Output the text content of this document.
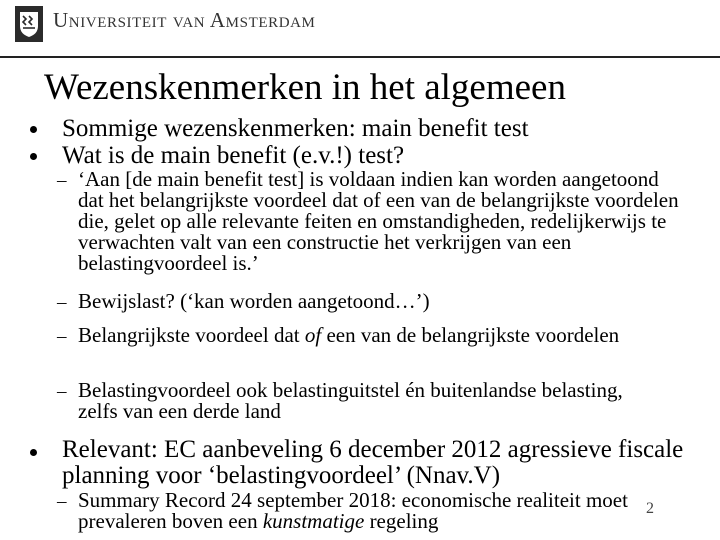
Universiteit van Amsterdam
Wezenskenmerken in het algemeen
Sommige wezenskenmerken: main benefit test
Wat is de main benefit (e.v.!) test?
– ‘Aan [de main benefit test] is voldaan indien kan worden aangetoond dat het belangrijkste voordeel dat of een van de belangrijkste voordelen die, gelet op alle relevante feiten en omstandigheden, redelijkerwijs te verwachten valt van een constructie het verkrijgen van een belastingvoordeel is.’
– Bewijslast? (‘kan worden aangetoond…’)
– Belangrijkste voordeel dat of een van de belangrijkste voordelen
– Belastingvoordeel ook belastinguitstel én buitenlandse belasting, zelfs van een derde land
Relevant: EC aanbeveling 6 december 2012 agressieve fiscale planning voor ‘belastingvoordeel’ (Nnav.V)
– Summary Record 24 september 2018: economische realiteit moet prevaleren boven een kunstmatige regeling
2
